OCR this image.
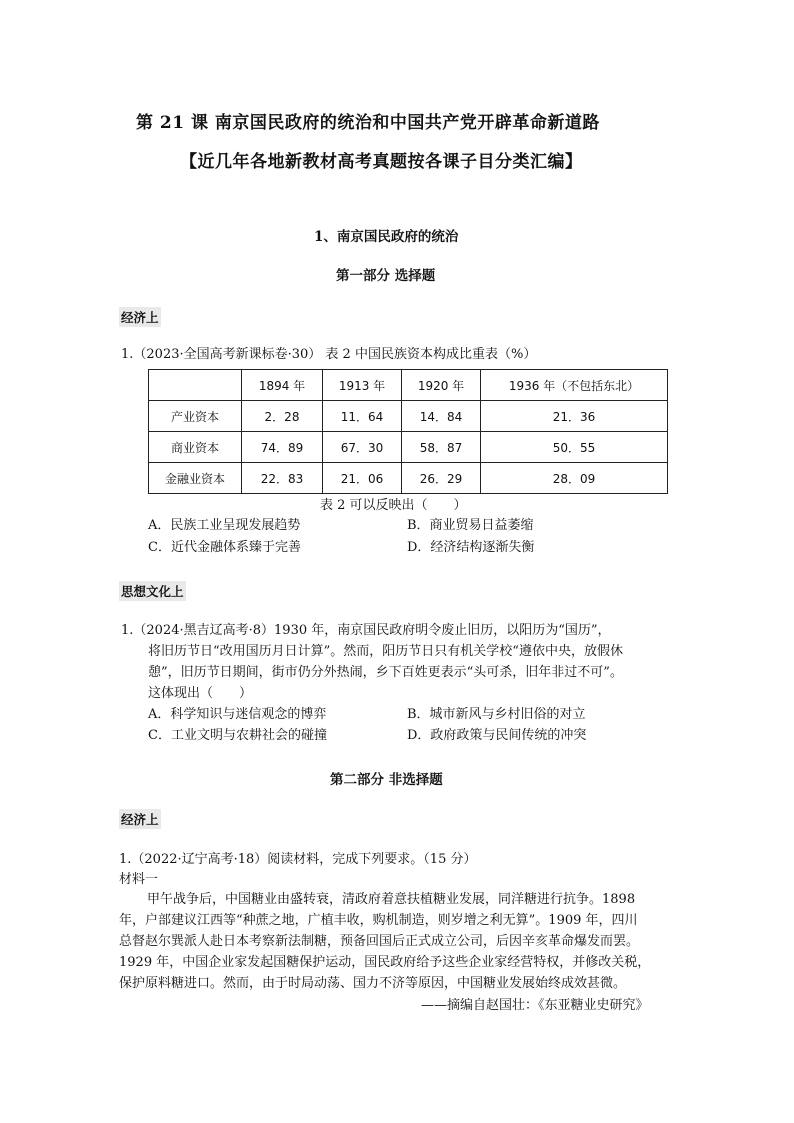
第 21 课 南京国民政府的统治和中国共产党开辟革命新道路
【近几年各地新教材高考真题按各课子目分类汇编】
1、南京国民政府的统治
第一部分 选择题
经济上
1.（2023·全国高考新课标卷·30） 表 2 中国民族资本构成比重表（%）
	1894 年	1913 年	1920 年	1936 年（不包括东北）
产业资本	2．28	11．64	14．84	21．36
商业资本	74．89	67．30	58．87	50．55
金融业资本	22．83	21．06	26．29	28．09
表 2 可以反映出（　　）
A．民族工业呈现发展趋势	B．商业贸易日益萎缩
C．近代金融体系臻于完善	D．经济结构逐渐失衡
思想文化上
1.（2024·黑吉辽高考·8）1930 年，南京国民政府明令废止旧历，以阳历为“国历”，
将旧历节日“改用国历月日计算”。然而，阳历节日只有机关学校“遵依中央，放假休
憩”，旧历节日期间，街市仍分外热闹，乡下百姓更表示“头可杀，旧年非过不可”。
这体现出（　　）
A．科学知识与迷信观念的博弈	B．城市新风与乡村旧俗的对立
C．工业文明与农耕社会的碰撞	D．政府政策与民间传统的冲突
第二部分 非选择题
经济上
1.（2022·辽宁高考·18）阅读材料，完成下列要求。（15 分）
材料一
甲午战争后，中国糖业由盛转衰，清政府着意扶植糖业发展，同洋糖进行抗争。1898
年，户部建议江西等“种蔗之地，广植丰收，购机制造，则岁增之利无算”。1909 年，四川
总督赵尔巽派人赴日本考察新法制糖，预备回国后正式成立公司，后因辛亥革命爆发而罢。
1929 年，中国企业家发起国糖保护运动，国民政府给予这些企业家经营特权，并修改关税，
保护原料糖进口。然而，由于时局动荡、国力不济等原因，中国糖业发展始终成效甚微。
——摘编自赵国壮：《东亚糖业史研究》
